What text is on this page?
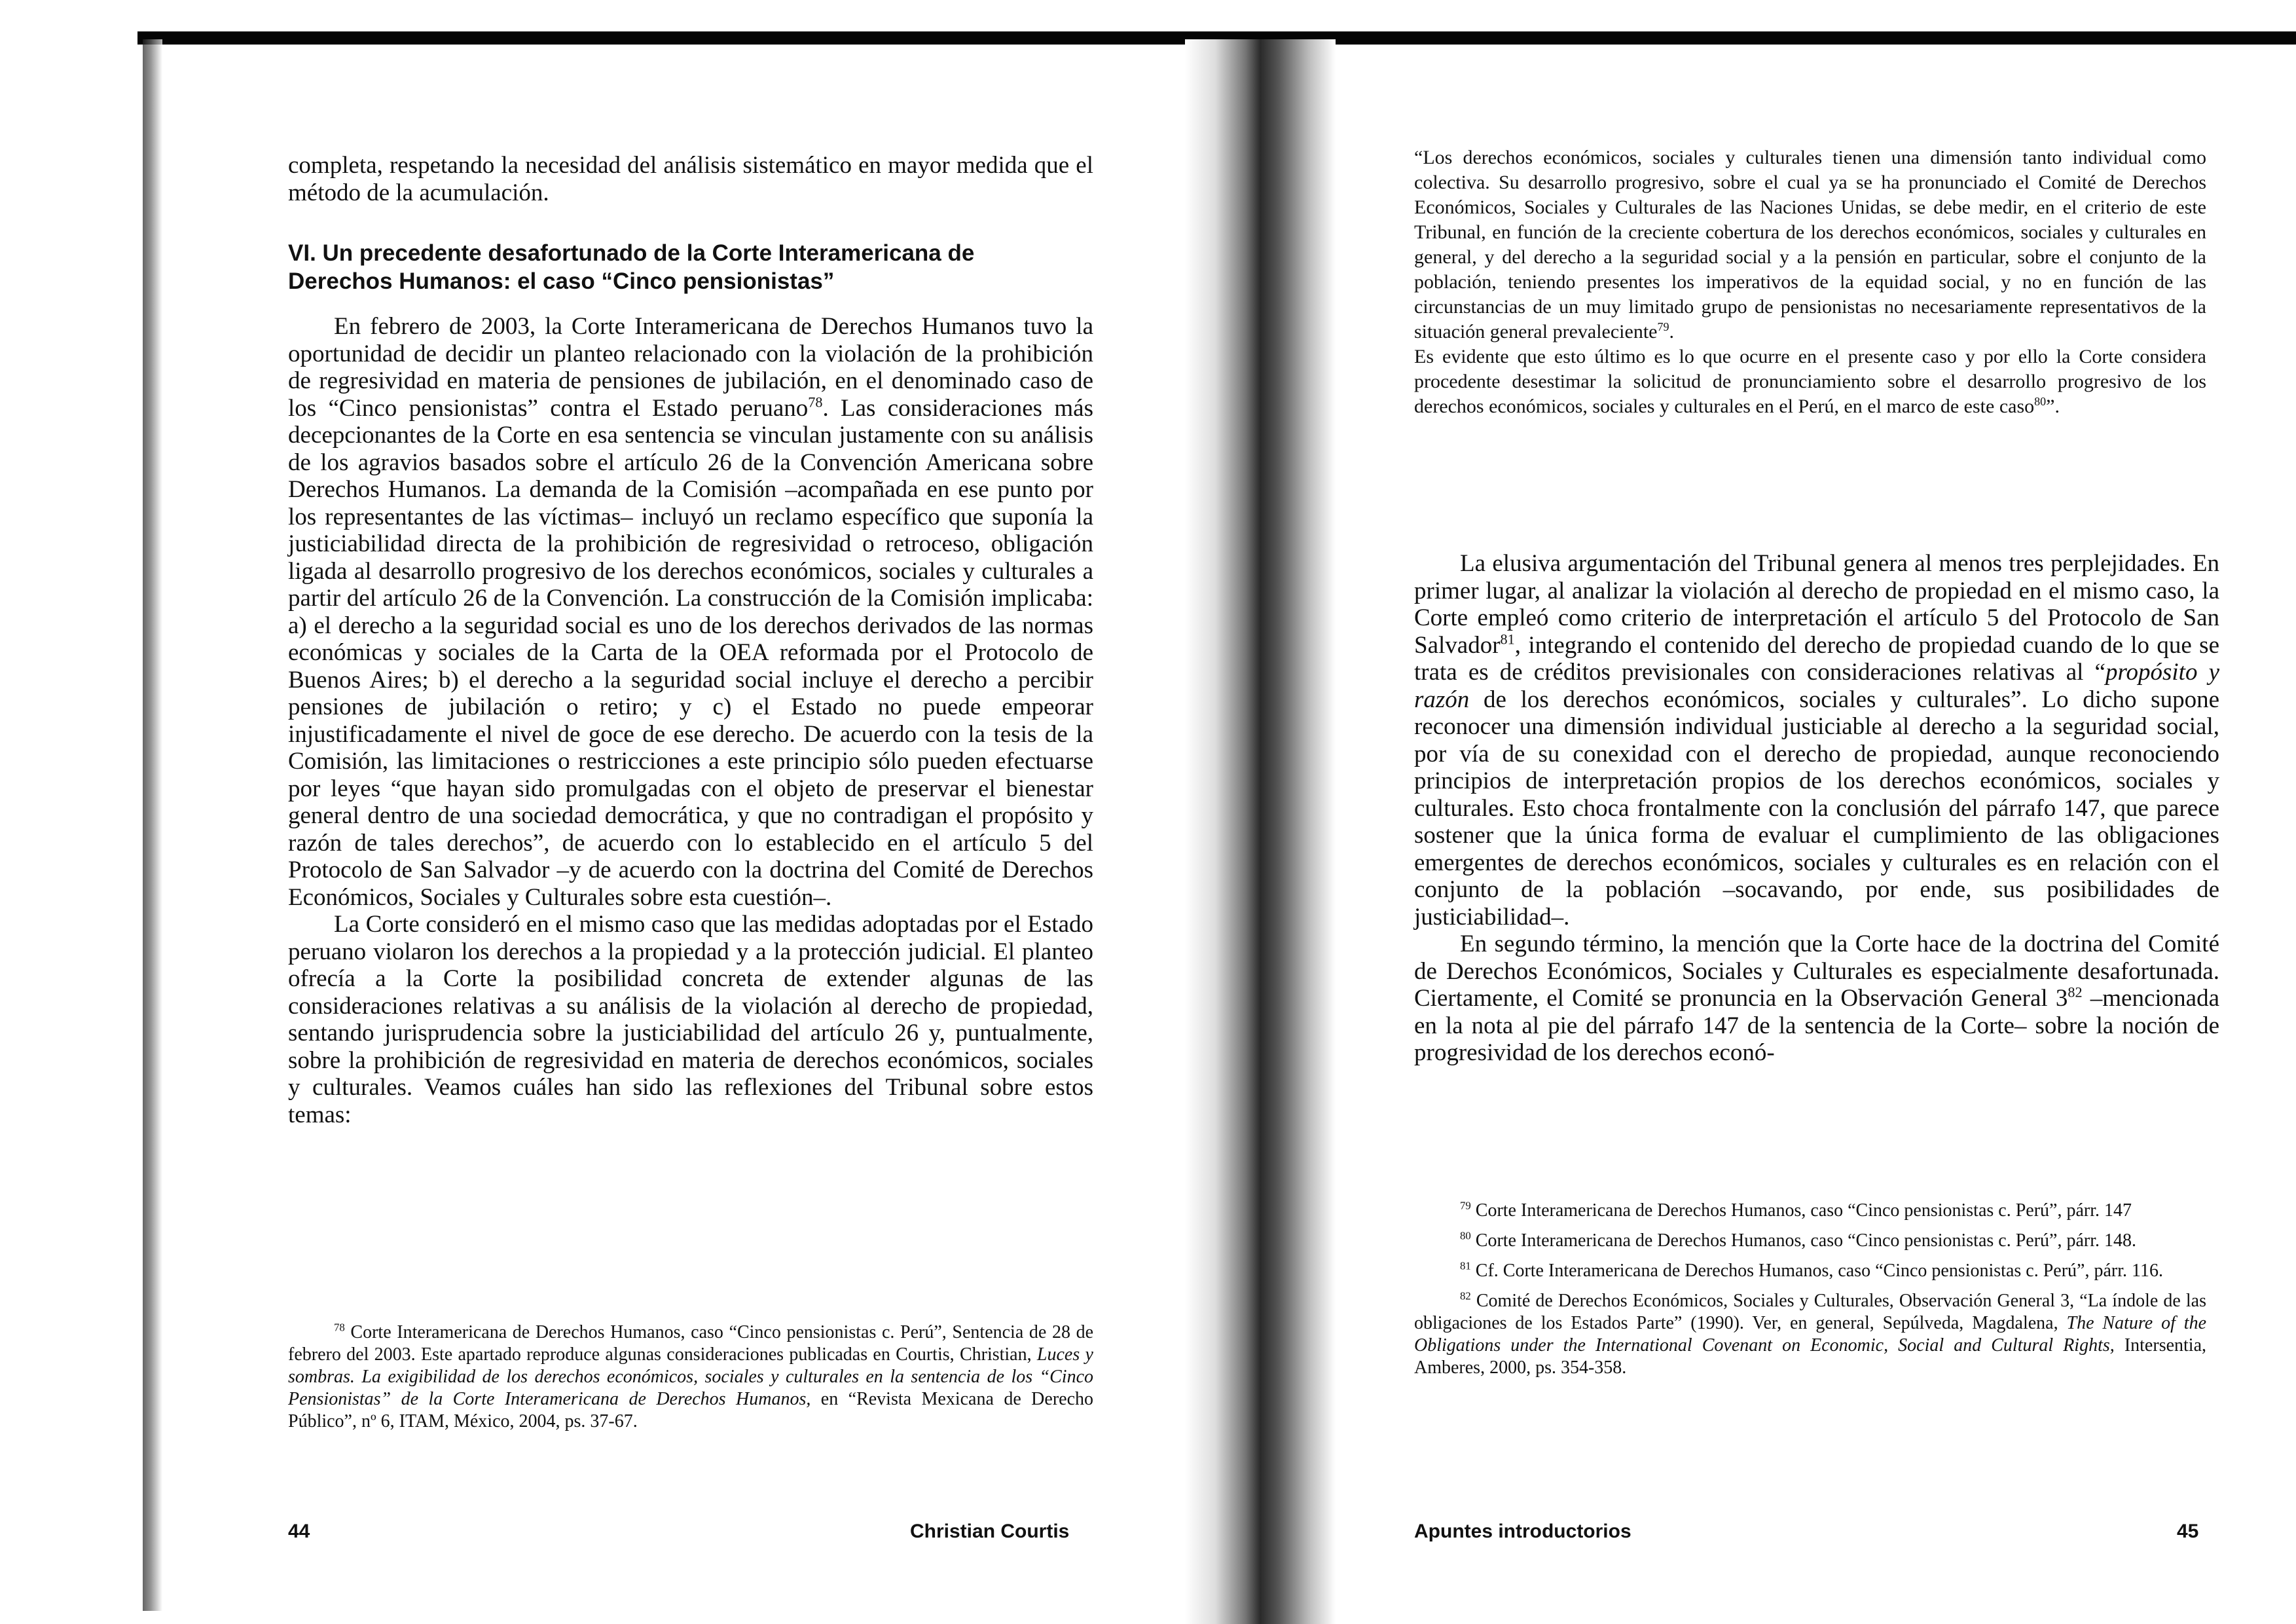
completa, respetando la necesidad del análisis sistemático en mayor medida que el método de la acumulación.

VI. Un precedente desafortunado de la Corte Interamericana de Derechos Humanos: el caso “Cinco pensionistas”

En febrero de 2003, la Corte Interamericana de Derechos Humanos tuvo la oportunidad de decidir un planteo relacionado con la violación de la prohibición de regresividad en materia de pensiones de jubilación, en el denominado caso de los “Cinco pensionistas” contra el Estado peruano$^{78}$. Las consideraciones más decepcionantes de la Corte en esa sentencia se vinculan justamente con su análisis de los agravios basados sobre el artículo 26 de la Convención Americana sobre Derechos Humanos. La demanda de la Comisión –acompañada en ese punto por los representantes de las víctimas– incluyó un reclamo específico que suponía la justiciabilidad directa de la prohibición de regresividad o retroceso, obligación ligada al desarrollo progresivo de los derechos económicos, sociales y culturales a partir del artículo 26 de la Convención. La construcción de la Comisión implicaba: a) el derecho a la seguridad social es uno de los derechos derivados de las normas económicas y sociales de la Carta de la OEA reformada por el Protocolo de Buenos Aires; b) el derecho a la seguridad social incluye el derecho a percibir pensiones de jubilación o retiro; y c) el Estado no puede empeorar injustificadamente el nivel de goce de ese derecho. De acuerdo con la tesis de la Comisión, las limitaciones o restricciones a este principio sólo pueden efectuarse por leyes “que hayan sido promulgadas con el objeto de preservar el bienestar general dentro de una sociedad democrática, y que no contradigan el propósito y razón de tales derechos”, de acuerdo con lo establecido en el artículo 5 del Protocolo de San Salvador –y de acuerdo con la doctrina del Comité de Derechos Económicos, Sociales y Culturales sobre esta cuestión–.

La Corte consideró en el mismo caso que las medidas adoptadas por el Estado peruano violaron los derechos a la propiedad y a la protección judicial. El planteo ofrecía a la Corte la posibilidad concreta de extender algunas de las consideraciones relativas a su análisis de la violación al derecho de propiedad, sentando jurisprudencia sobre la justiciabilidad del artículo 26 y, puntualmente, sobre la prohibición de regresividad en materia de derechos económicos, sociales y culturales. Veamos cuáles han sido las reflexiones del Tribunal sobre estos temas:

$^{78}$ Corte Interamericana de Derechos Humanos, caso “Cinco pensionistas c. Perú”, Sentencia de 28 de febrero del 2003. Este apartado reproduce algunas consideraciones publicadas en Courtis, Christian, Luces y sombras. La exigibilidad de los derechos económicos, sociales y culturales en la sentencia de los “Cinco Pensionistas” de la Corte Interamericana de Derechos Humanos, en “Revista Mexicana de Derecho Público”, nº 6, ITAM, México, 2004, ps. 37-67.

44	Christian Courtis

“Los derechos económicos, sociales y culturales tienen una dimensión tanto individual como colectiva. Su desarrollo progresivo, sobre el cual ya se ha pronunciado el Comité de Derechos Económicos, Sociales y Culturales de las Naciones Unidas, se debe medir, en el criterio de este Tribunal, en función de la creciente cobertura de los derechos económicos, sociales y culturales en general, y del derecho a la seguridad social y a la pensión en particular, sobre el conjunto de la población, teniendo presentes los imperativos de la equidad social, y no en función de las circunstancias de un muy limitado grupo de pensionistas no necesariamente representativos de la situación general prevaleciente$^{79}$.

Es evidente que esto último es lo que ocurre en el presente caso y por ello la Corte considera procedente desestimar la solicitud de pronunciamiento sobre el desarrollo progresivo de los derechos económicos, sociales y culturales en el Perú, en el marco de este caso$^{80}$”.

La elusiva argumentación del Tribunal genera al menos tres perplejidades. En primer lugar, al analizar la violación al derecho de propiedad en el mismo caso, la Corte empleó como criterio de interpretación el artículo 5 del Protocolo de San Salvador$^{81}$, integrando el contenido del derecho de propiedad cuando de lo que se trata es de créditos previsionales con consideraciones relativas al “propósito y razón de los derechos económicos, sociales y culturales”. Lo dicho supone reconocer una dimensión individual justiciable al derecho a la seguridad social, por vía de su conexidad con el derecho de propiedad, aunque reconociendo principios de interpretación propios de los derechos económicos, sociales y culturales. Esto choca frontalmente con la conclusión del párrafo 147, que parece sostener que la única forma de evaluar el cumplimiento de las obligaciones emergentes de derechos económicos, sociales y culturales es en relación con el conjunto de la población –socavando, por ende, sus posibilidades de justiciabilidad–.

En segundo término, la mención que la Corte hace de la doctrina del Comité de Derechos Económicos, Sociales y Culturales es especialmente desafortunada. Ciertamente, el Comité se pronuncia en la Observación General $3^{82}$ –mencionada en la nota al pie del párrafo 147 de la sentencia de la Corte– sobre la noción de progresividad de los derechos econó-

$^{79}$ Corte Interamericana de Derechos Humanos, caso “Cinco pensionistas c. Perú”, párr. 147

$^{80}$ Corte Interamericana de Derechos Humanos, caso “Cinco pensionistas c. Perú”, párr. 148.

$^{81}$ Cf. Corte Interamericana de Derechos Humanos, caso “Cinco pensionistas c. Perú”, párr. 116.

$^{82}$ Comité de Derechos Económicos, Sociales y Culturales, Observación General 3, “La índole de las obligaciones de los Estados Parte” (1990). Ver, en general, Sepúlveda, Magdalena, The Nature of the Obligations under the International Covenant on Economic, Social and Cultural Rights, Intersentia, Amberes, 2000, ps. 354-358.

Apuntes introductorios	45
